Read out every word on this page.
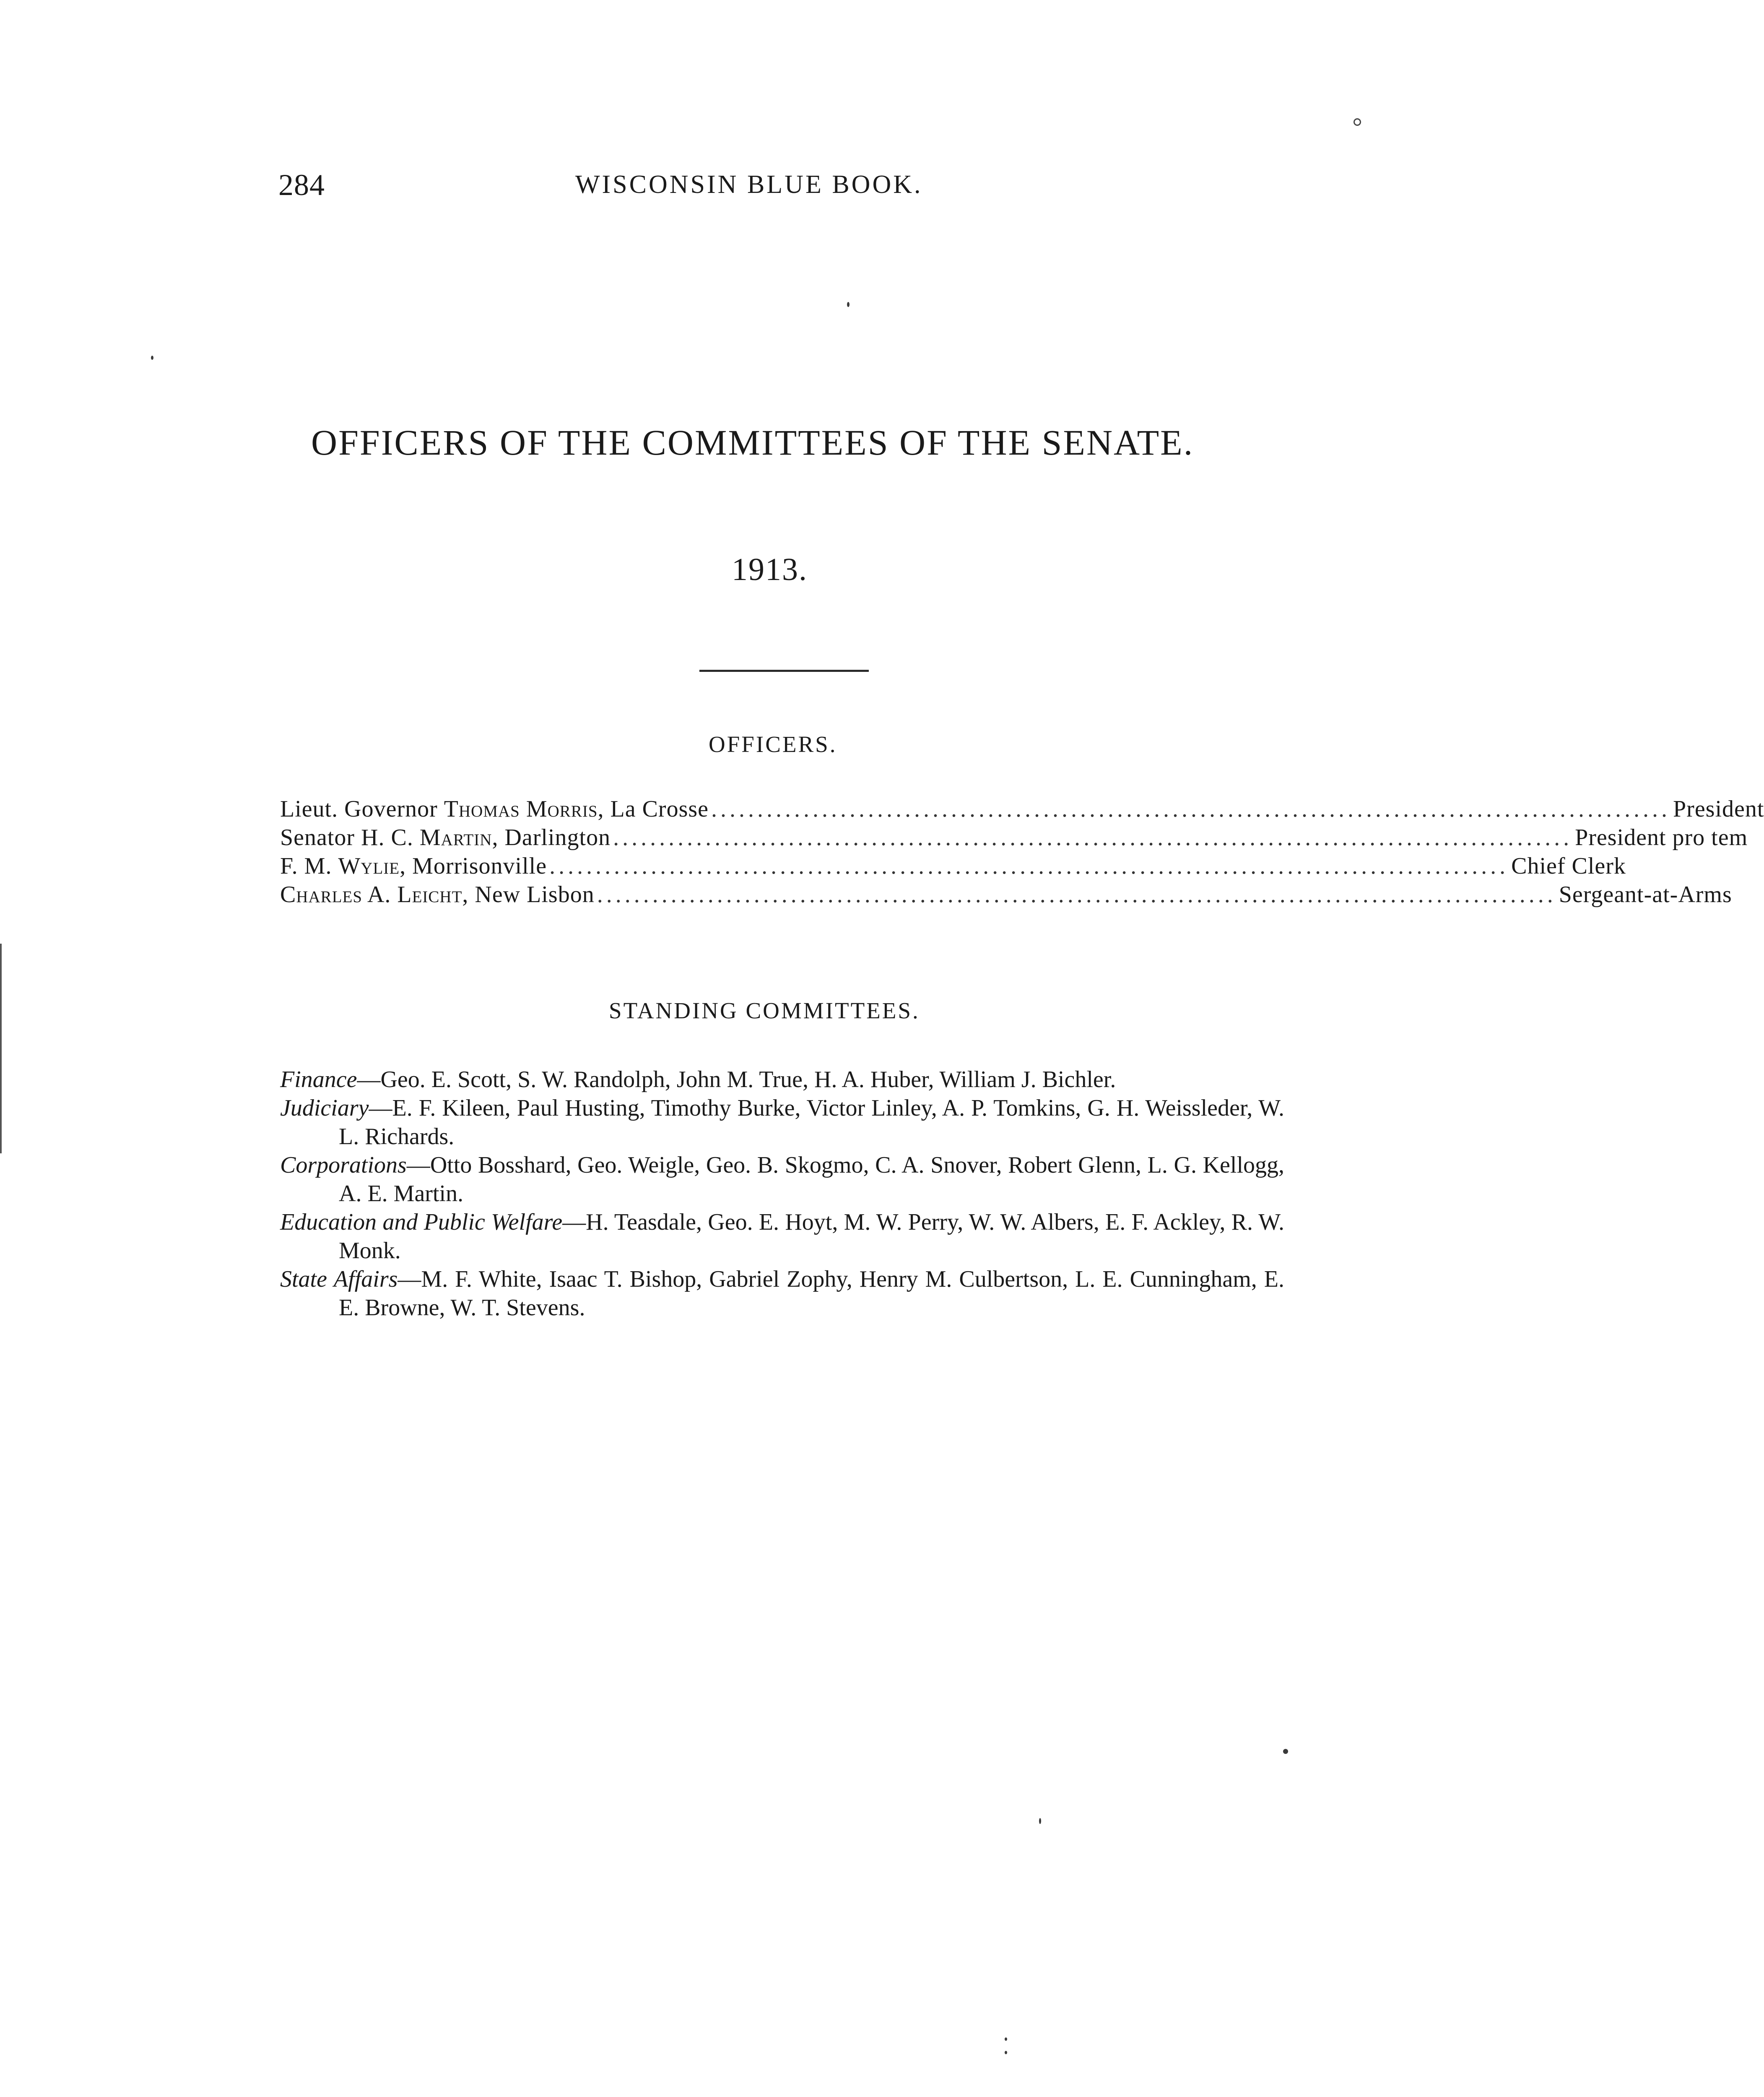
284	WISCONSIN BLUE BOOK.
OFFICERS OF THE COMMITTEES OF THE SENATE.
1913.
OFFICERS.
Lieut. Governor Thomas Morris, La Crosse ........................................................................................................ President
Senator H. C. Martin, Darlington ........................................................................................................ President pro tem
F. M. Wylie, Morrisonville ........................................................................................................ Chief Clerk
Charles A. Leicht, New Lisbon ........................................................................................................ Sergeant-at-Arms
STANDING COMMITTEES.

Finance—Geo. E. Scott, S. W. Randolph, John M. True, H. A. Huber, William J. Bichler.

Judiciary—E. F. Kileen, Paul Husting, Timothy Burke, Victor Linley, A. P. Tomkins, G. H. Weissleder, W. L. Richards.

Corporations—Otto Bosshard, Geo. Weigle, Geo. B. Skogmo, C. A. Snover, Robert Glenn, L. G. Kellogg, A. E. Martin.

Education and Public Welfare—H. Teasdale, Geo. E. Hoyt, M. W. Perry, W. W. Albers, E. F. Ackley, R. W. Monk.

State Affairs—M. F. White, Isaac T. Bishop, Gabriel Zophy, Henry M. Culbertson, L. E. Cunningham, E. E. Browne, W. T. Stevens.
